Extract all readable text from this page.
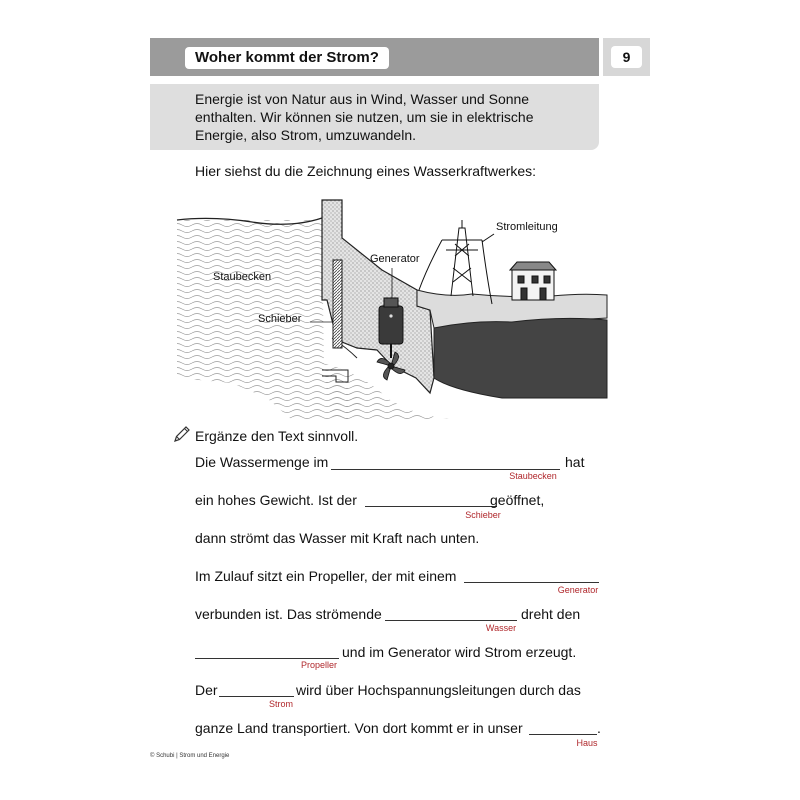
Woher kommt der Strom?	9
Energie ist von Natur aus in Wind, Wasser und Sonne
enthalten. Wir können sie nutzen, um sie in elektrische
Energie, also Strom, umzuwandeln.
Hier siehst du die Zeichnung eines Wasserkraftwerkes:
Staubecken
Schieber
Generator
Stromleitung
Ergänze den Text sinnvoll.
Die Wassermenge im	hat
Staubecken
ein hohes Gewicht. Ist der	geöffnet,
Schieber
dann strömt das Wasser mit Kraft nach unten.
Im Zulauf sitzt ein Propeller, der mit einem
Generator
verbunden ist. Das strömende	dreht den
Wasser
und im Generator wird Strom erzeugt.
Propeller
Der	wird über Hochspannungsleitungen durch das
Strom
ganze Land transportiert. Von dort kommt er in unser	.
Haus
© Schubi | Strom und Energie
